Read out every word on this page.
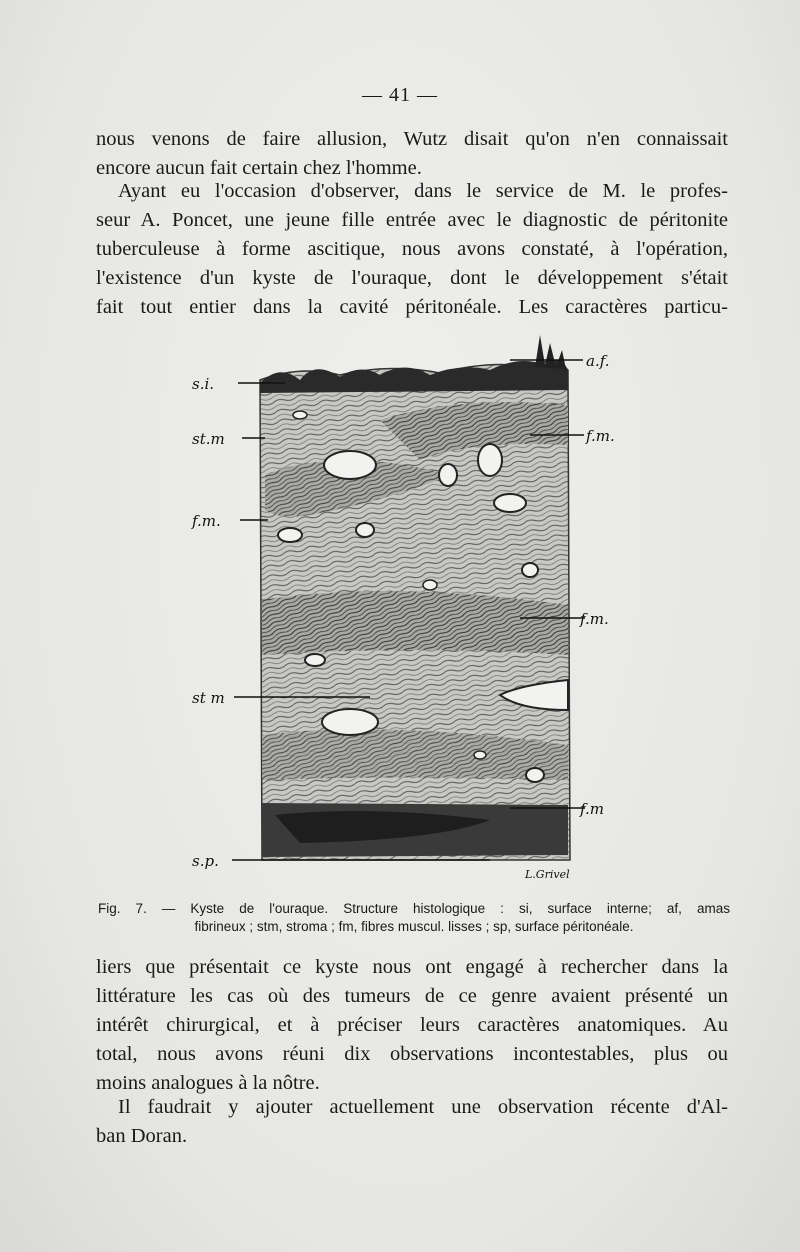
— 41 —

nous venons de faire allusion, Wutz disait qu'on n'en connaissait
encore aucun fait certain chez l'homme.

Ayant eu l'occasion d'observer, dans le service de M. le profes-
seur A. Poncet, une jeune fille entrée avec le diagnostic de péritonite
tuberculeuse à forme ascitique, nous avons constaté, à l'opération,
l'existence d'un kyste de l'ouraque, dont le développement s'était
fait tout entier dans la cavité péritonéale. Les caractères particu-

s.i.
st.m
f.m.
st m
s.p.
a.f.
f.m.
f.m.
f.m
L.Grivel
Fig. 7. — Kyste de l'ouraque. Structure histologique : si, surface interne; af, amas
fibrineux ; stm, stroma ; fm, fibres muscul. lisses ; sp, surface péritonéale.

liers que présentait ce kyste nous ont engagé à rechercher dans la
littérature les cas où des tumeurs de ce genre avaient présenté un
intérêt chirurgical, et à préciser leurs caractères anatomiques. Au
total, nous avons réuni dix observations incontestables, plus ou
moins analogues à la nôtre.

Il faudrait y ajouter actuellement une observation récente d'Al-
ban Doran.
